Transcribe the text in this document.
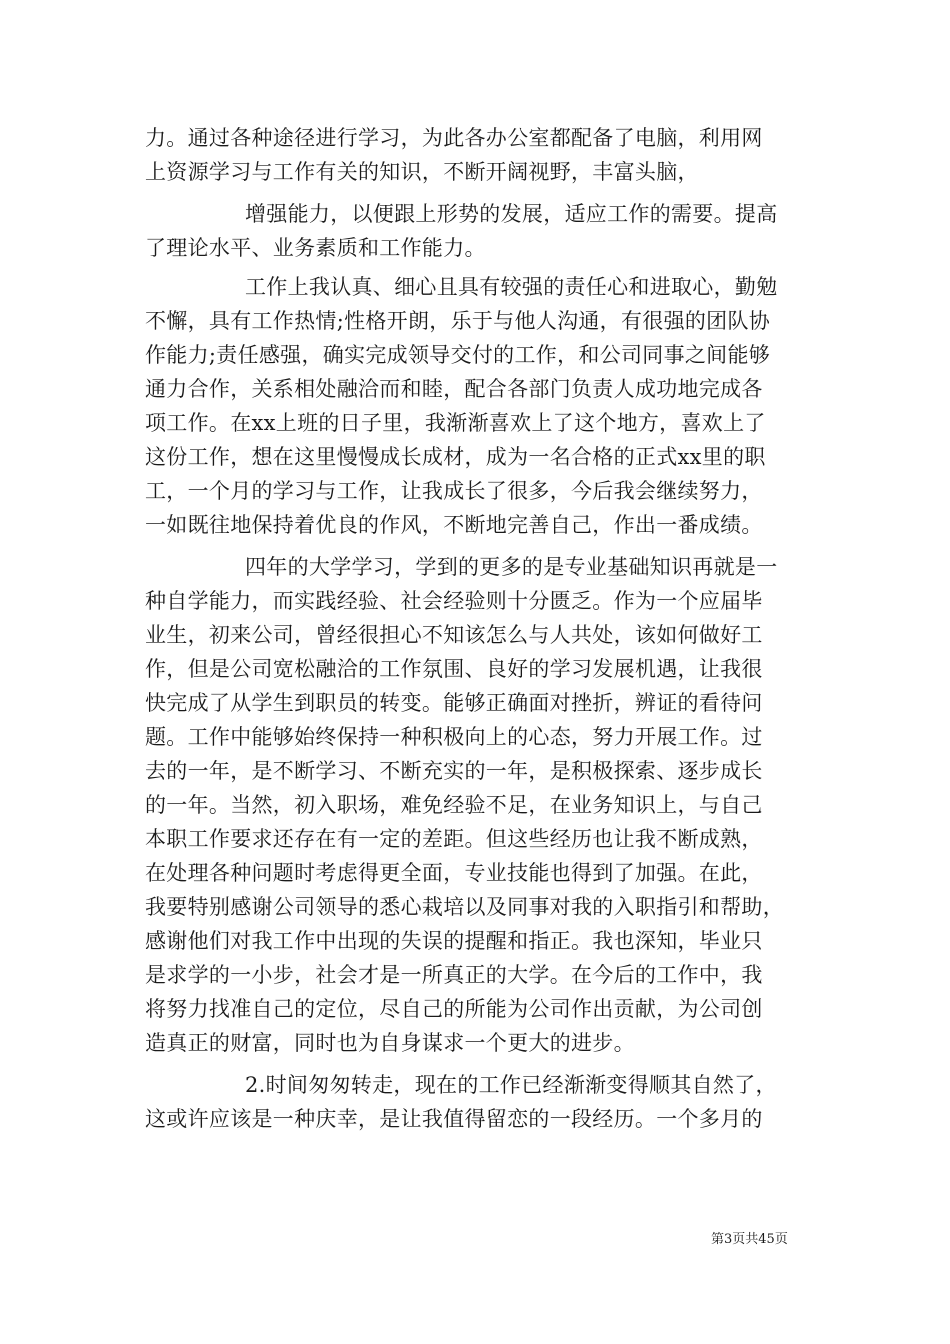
力。通过各种途径进行学习，为此各办公室都配备了电脑，利用网
上资源学习与工作有关的知识，不断开阔视野，丰富头脑，
增强能力，以便跟上形势的发展，适应工作的需要。提高
了理论水平、业务素质和工作能力。
工作上我认真、细心且具有较强的责任心和进取心，勤勉
不懈，具有工作热情;性格开朗，乐于与他人沟通，有很强的团队协
作能力;责任感强，确实完成领导交付的工作，和公司同事之间能够
通力合作，关系相处融洽而和睦，配合各部门负责人成功地完成各
项工作。在xx上班的日子里，我渐渐喜欢上了这个地方，喜欢上了
这份工作，想在这里慢慢成长成材，成为一名合格的正式xx里的职
工，一个月的学习与工作，让我成长了很多，今后我会继续努力，
一如既往地保持着优良的作风，不断地完善自己，作出一番成绩。
四年的大学学习，学到的更多的是专业基础知识再就是一
种自学能力，而实践经验、社会经验则十分匮乏。作为一个应届毕
业生，初来公司，曾经很担心不知该怎么与人共处，该如何做好工
作，但是公司宽松融洽的工作氛围、良好的学习发展机遇，让我很
快完成了从学生到职员的转变。能够正确面对挫折，辨证的看待问
题。工作中能够始终保持一种积极向上的心态，努力开展工作。过
去的一年，是不断学习、不断充实的一年，是积极探索、逐步成长
的一年。当然，初入职场，难免经验不足，在业务知识上，与自己
本职工作要求还存在有一定的差距。但这些经历也让我不断成熟，
在处理各种问题时考虑得更全面，专业技能也得到了加强。在此，
我要特别感谢公司领导的悉心栽培以及同事对我的入职指引和帮助，
感谢他们对我工作中出现的失误的提醒和指正。我也深知，毕业只
是求学的一小步，社会才是一所真正的大学。在今后的工作中，我
将努力找准自己的定位，尽自己的所能为公司作出贡献，为公司创
造真正的财富，同时也为自身谋求一个更大的进步。
2.时间匆匆转走，现在的工作已经渐渐变得顺其自然了，
这或许应该是一种庆幸，是让我值得留恋的一段经历。一个多月的
第3页共45页
